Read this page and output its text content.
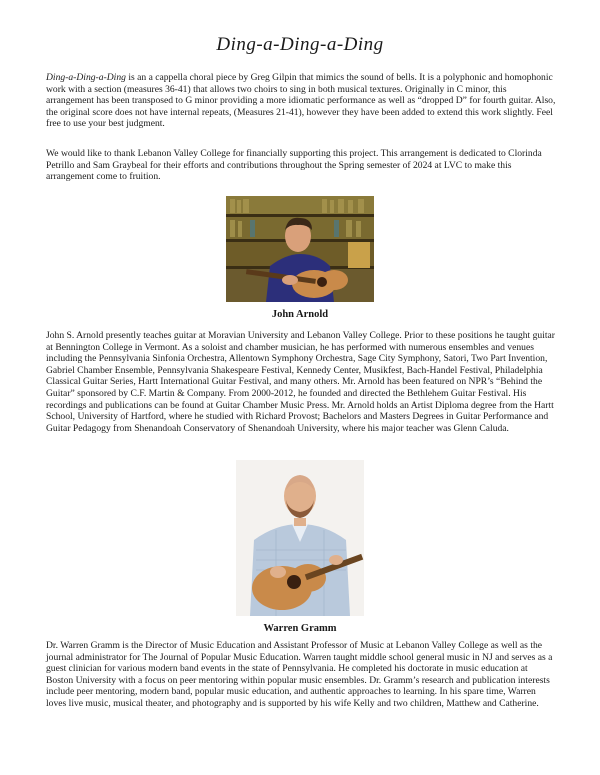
Ding-a-Ding-a-Ding

Ding-a-Ding-a-Ding is an a cappella choral piece by Greg Gilpin that mimics the sound of bells. It is a polyphonic and homophonic work with a section (measures 36-41) that allows two choirs to sing in both musical textures. Originally in C minor, this arrangement has been transposed to G minor providing a more idiomatic performance as well as “dropped D” for fourth guitar. Also, the original score does not have internal repeats, (Measures 21-41), however they have been added to extend this work slightly. Feel free to use your best judgment.

We would like to thank Lebanon Valley College for financially supporting this project. This arrangement is dedicated to Clorinda Petrillo and Sam Graybeal for their efforts and contributions throughout the Spring semester of 2024 at LVC to make this arrangement come to fruition.

John Arnold

John S. Arnold presently teaches guitar at Moravian University and Lebanon Valley College. Prior to these positions he taught guitar at Bennington College in Vermont. As a soloist and chamber musician, he has performed with numerous ensembles and venues including the Pennsylvania Sinfonia Orchestra, Allentown Symphony Orchestra, Sage City Symphony, Satori, Two Part Invention, Gabriel Chamber Ensemble, Pennsylvania Shakespeare Festival, Kennedy Center, Musikfest, Bach-Handel Festival, Philadelphia Classical Guitar Series, Hartt International Guitar Festival, and many others. Mr. Arnold has been featured on NPR’s “Behind the Guitar” sponsored by C.F. Martin & Company. From 2000-2012, he founded and directed the Bethlehem Guitar Festival. His recordings and publications can be found at Guitar Chamber Music Press. Mr. Arnold holds an Artist Diploma degree from the Hartt School, University of Hartford, where he studied with Richard Provost; Bachelors and Masters Degrees in Guitar Performance and Guitar Pedagogy from Shenandoah Conservatory of Shenandoah University, where his major teacher was Glenn Caluda.

Warren Gramm

Dr. Warren Gramm is the Director of Music Education and Assistant Professor of Music at Lebanon Valley College as well as the journal administrator for The Journal of Popular Music Education. Warren taught middle school general music in NJ and serves as a guest clinician for various modern band events in the state of Pennsylvania. He completed his doctorate in music education at Boston University with a focus on peer mentoring within popular music ensembles. Dr. Gramm’s research and publication interests include peer mentoring, modern band, popular music education, and authentic approaches to learning. In his spare time, Warren loves live music, musical theater, and photography and is supported by his wife Kelly and two children, Matthew and Catherine.
